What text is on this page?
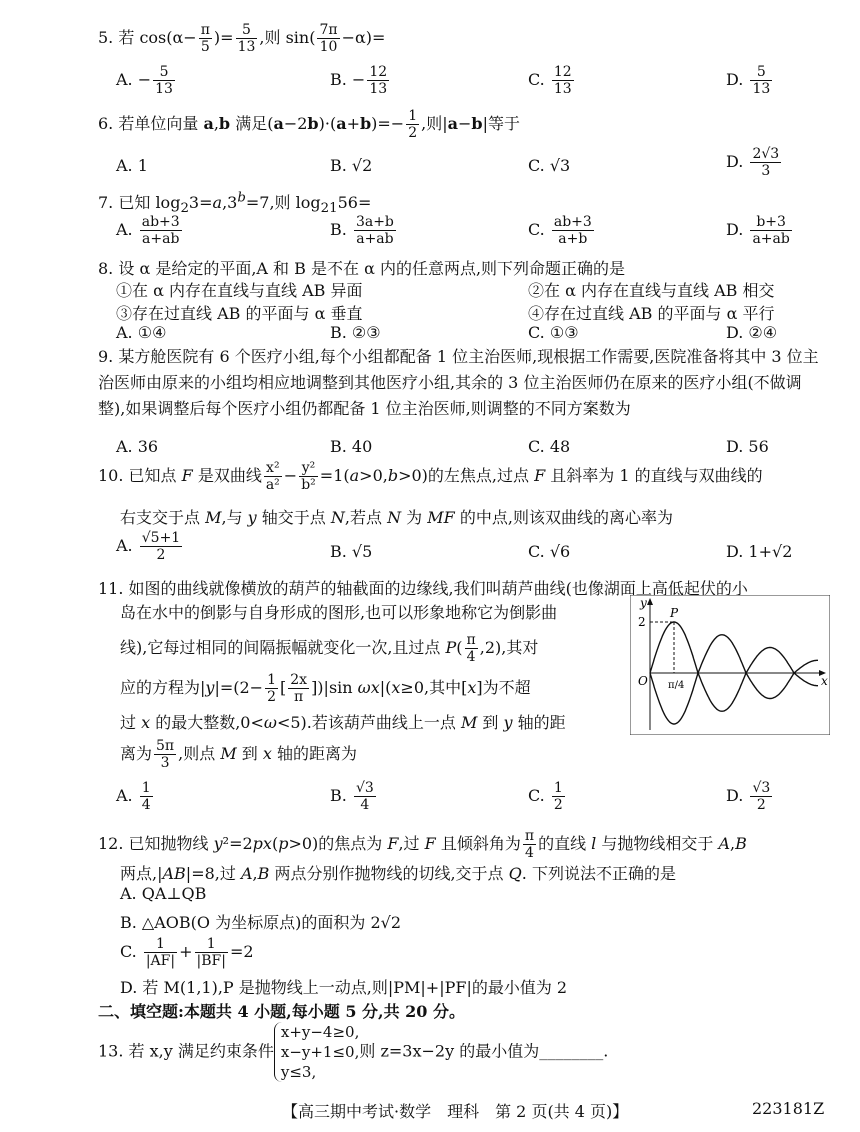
5. 若 $\cos(\alpha- \frac{\pi}{5}$ )= $\frac{5}{13}$ ,则 $\sin( \frac{7\pi}{10} -\alpha)=$
A. − $\frac{5}{13}$	B. − $\frac{12}{13}$	C. $\frac{12}{13}$	D. $\frac{5}{13}$
6. 若单位向量 a,b 满足$(a-2b)\cdot(a+b)=- \frac{1}{2}$ ,则|a−b|等于
A. 1	B. √2	C. √3	D. $\frac{2√3}{3}$
7. 已知 $\log_23=a,3^b=7$,则 $\log_{21}56=$
A. $\frac{ab+3}{a+ab}$	B. $\frac{3a+b}{a+ab}$	C. $\frac{ab+3}{a+b}$	D. $\frac{b+3}{a+ab}$
8. 设 α 是给定的平面,A 和 B 是不在 α 内的任意两点,则下列命题正确的是
①在 α 内存在直线与直线 AB 异面	②在 α 内存在直线与直线 AB 相交
③存在过直线 AB 的平面与 α 垂直	④存在过直线 AB 的平面与 α 平行
A. ①④	B. ②③	C. ①③	D. ②④
9. 某方舱医院有 6 个医疗小组,每个小组都配备 1 位主治医师,现根据工作需要,医院准备将其中 3 位主治医师由原来的小组均相应地调整到其他医疗小组,其余的 3 位主治医师仍在原来的医疗小组(不做调整),如果调整后每个医疗小组仍都配备 1 位主治医师,则调整的不同方案数为
A. 36	B. 40	C. 48	D. 56
10. 已知点 F 是双曲线 $\frac{\text{x²}}{\text{a²}} - \frac{\text{y²}}{\text{b²}} =1(a>0,b>0)$的左焦点,过点 F 且斜率为 1 的直线与双曲线的
右支交于点 M,与 y 轴交于点 N,若点 N 为 MF 的中点,则该双曲线的离心率为
A. $\frac{√5+1}{2}$	B. √5	C. √6	D. 1+√2
11. 如图的曲线就像横放的葫芦的轴截面的边缘线,我们叫葫芦曲线(也像湖面上高低起伏的小
岛在水中的倒影与自身形成的图形,也可以形象地称它为倒影曲
线),它每过相同的间隔振幅就变化一次,且过点 $P( \frac{\pi}{4} ,2)$,其对
应的方程为$|y|=(2- \frac{1}{2}$ [ $\frac{2x}{\pi} ])|\sin$ ωx|(x≥0,其中[x]为不超
过 x 的最大整数,0<ω<5).若该葫芦曲线上一点 M 到 y 轴的距
离为 $\frac{5\pi}{3}$ ,则点 M 到 x 轴的距离为
y
x
P
2
O π/4
A. $\frac{1}{4}$	B. $\frac{√3}{4}$	C. $\frac{1}{2}$	D. $\frac{√3}{2}$
12. 已知抛物线 y²=2px(p>0)的焦点为 F,过 F 且倾斜角为 $\frac{\pi}{4}$ 的直线 l 与抛物线相交于 A,B
两点,|AB|=8,过 A,B 两点分别作抛物线的切线,交于点 Q. 下列说法不正确的是
A. QA⊥QB
B. △AOB(O 为坐标原点)的面积为 2√2
C. $\frac{1}{|AF|} + \frac{1}{|BF|} =2$
D. 若 M(1,1),P 是抛物线上一动点,则|PM|+|PF|的最小值为 2
二、填空题:本题共 4 小题,每小题 5 分,共 20 分。
13. 若 x,y 满足约束条件
x+y−4≥0,
x−y+1≤0,
y≤3,
则 z=3x−2y 的最小值为________.
【高三期中考试·数学　理科　第 2 页(共 4 页)】	223181Z
